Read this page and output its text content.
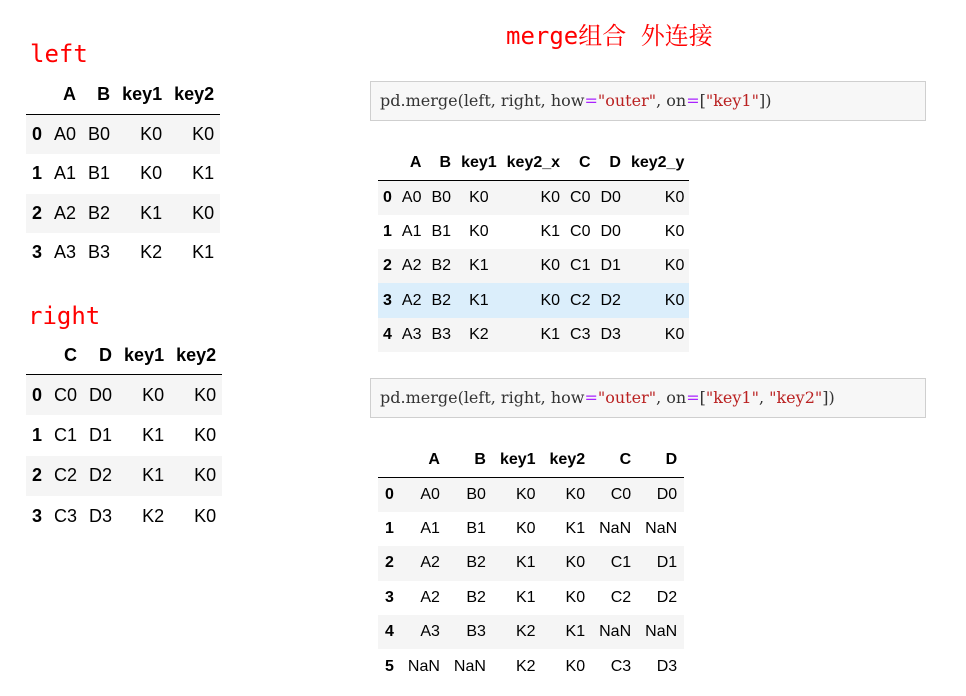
merge组合 外连接
left
right
	A	B	key1	key2
0	A0	B0	K0	K0
1	A1	B1	K0	K1
2	A2	B2	K1	K0
3	A3	B3	K2	K1
	C	D	key1	key2
0	C0	D0	K0	K0
1	C1	D1	K1	K0
2	C2	D2	K1	K0
3	C3	D3	K2	K0
pd.merge(left, right, how="outer", on=["key1"])
	A	B	key1	key2_x	C	D	key2_y
0	A0	B0	K0	K0	C0	D0	K0
1	A1	B1	K0	K1	C0	D0	K0
2	A2	B2	K1	K0	C1	D1	K0
3	A2	B2	K1	K0	C2	D2	K0
4	A3	B3	K2	K1	C3	D3	K0
pd.merge(left, right, how="outer", on=["key1", "key2"])
	A	B	key1	key2	C	D
0	A0	B0	K0	K0	C0	D0
1	A1	B1	K0	K1	NaN	NaN
2	A2	B2	K1	K0	C1	D1
3	A2	B2	K1	K0	C2	D2
4	A3	B3	K2	K1	NaN	NaN
5	NaN	NaN	K2	K0	C3	D3
